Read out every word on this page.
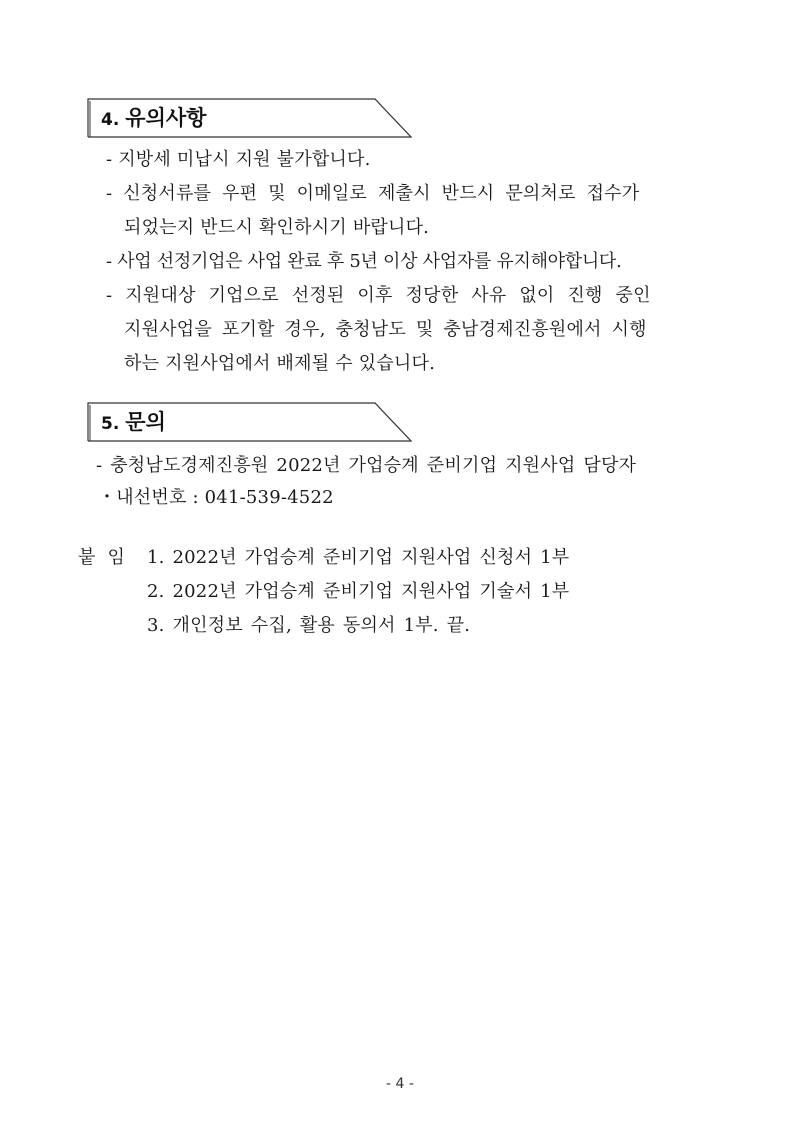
4. 유의사항
- 지방세 미납시 지원 불가합니다.
- 신청서류를 우편 및 이메일로 제출시 반드시 문의처로 접수가
되었는지 반드시 확인하시기 바랍니다.
- 사업 선정기업은 사업 완료 후 5년 이상 사업자를 유지해야합니다.
- 지원대상 기업으로 선정된 이후 정당한 사유 없이 진행 중인
지원사업을 포기할 경우, 충청남도 및 충남경제진흥원에서 시행
하는 지원사업에서 배제될 수 있습니다.
5. 문의
- 충청남도경제진흥원 2022년 가업승계 준비기업 지원사업 담당자
・내선번호 : 041-539-4522
붙 임 1. 2022년 가업승계 준비기업 지원사업 신청서 1부
2. 2022년 가업승계 준비기업 지원사업 기술서 1부
3. 개인정보 수집, 활용 동의서 1부. 끝.
- 4 -
